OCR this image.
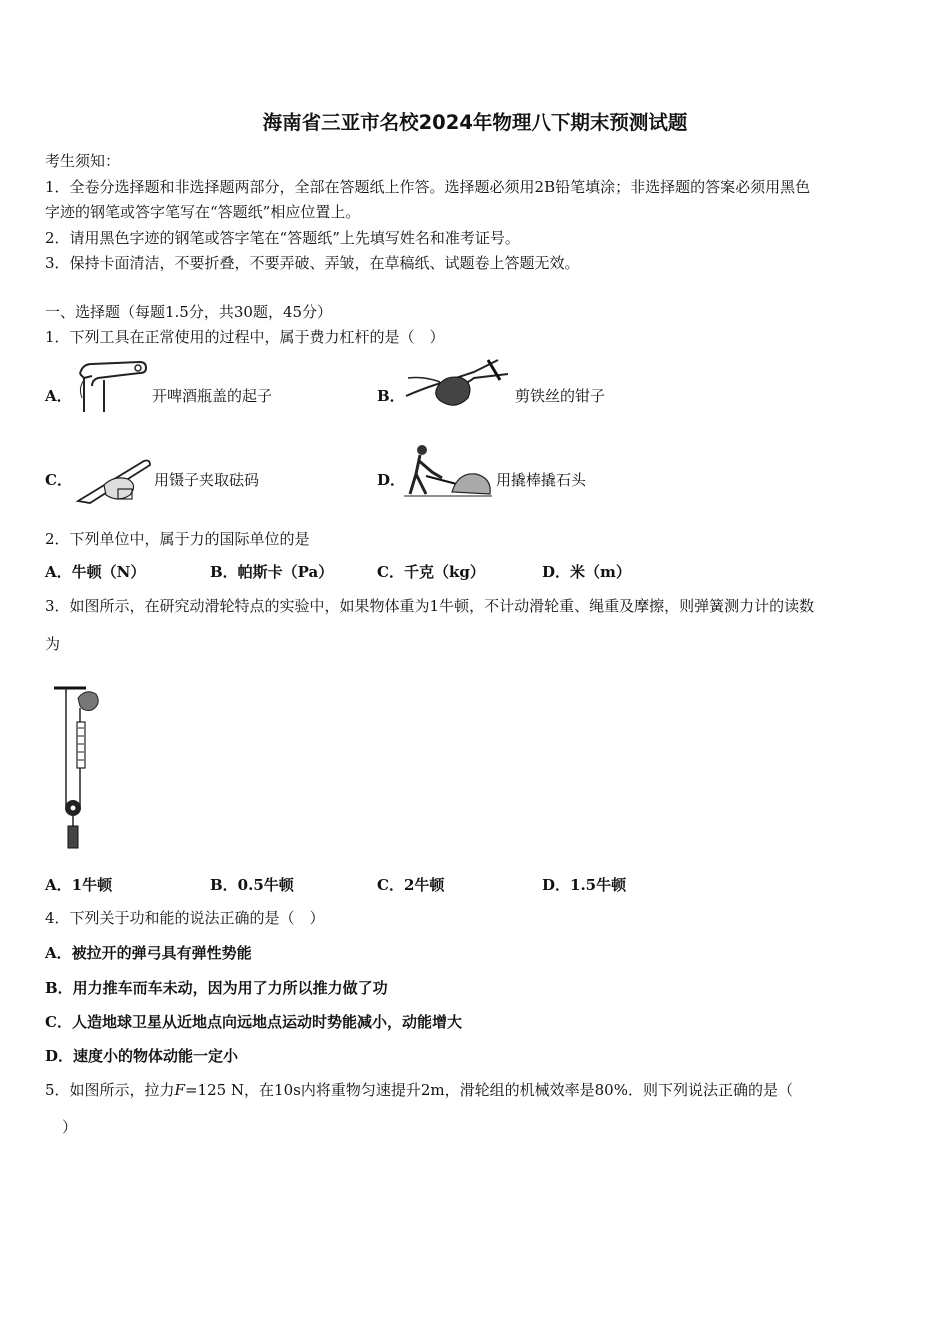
海南省三亚市名校2024年物理八下期末预测试题
考生须知：
1．全卷分选择题和非选择题两部分，全部在答题纸上作答。选择题必须用2B铅笔填涂；非选择题的答案必须用黑色
字迹的钢笔或答字笔写在“答题纸”相应位置上。
2．请用黑色字迹的钢笔或答字笔在“答题纸”上先填写姓名和准考证号。
3．保持卡面清洁，不要折叠，不要弄破、弄皱，在草稿纸、试题卷上答题无效。
一、选择题（每题1.5分，共30题，45分）
1．下列工具在正常使用的过程中，属于费力杠杆的是（　）
A．	开啤酒瓶盖的起子	B．	剪铁丝的钳子
C．	用镊子夹取砝码	D．	用撬棒撬石头
2．下列单位中，属于力的国际单位的是
A．牛顿（N）	B．帕斯卡（Pa）	C．千克（kg）	D．米（m）
3．如图所示，在研究动滑轮特点的实验中，如果物体重为1牛顿，不计动滑轮重、绳重及摩擦，则弹簧测力计的读数
为
A．1牛顿	B．0.5牛顿	C．2牛顿	D．1.5牛顿
4．下列关于功和能的说法正确的是（　）
A．被拉开的弹弓具有弹性势能
B．用力推车而车未动，因为用了力所以推力做了功
C．人造地球卫星从近地点向远地点运动时势能减小，动能增大
D．速度小的物体动能一定小
5．如图所示，拉力F=125 N，在10s内将重物匀速提升2m，滑轮组的机械效率是80%．则下列说法正确的是（
）
